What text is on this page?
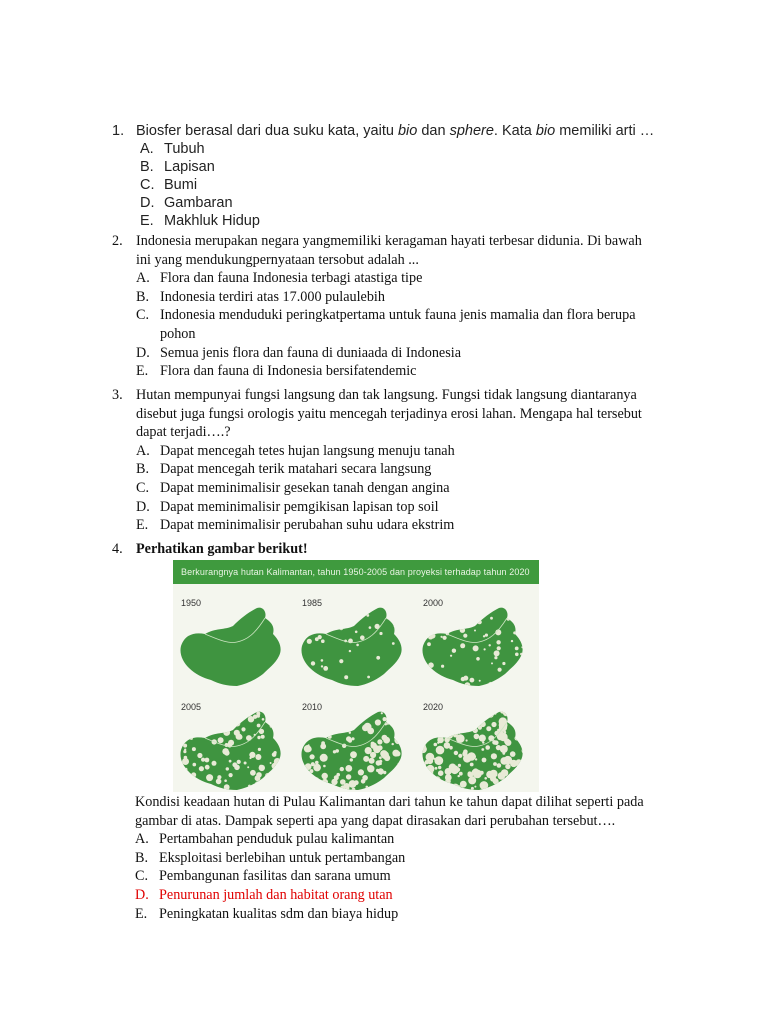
1. Biosfer berasal dari dua suku kata, yaitu bio dan sphere. Kata bio memiliki arti …
A. Tubuh
B. Lapisan
C. Bumi
D. Gambaran
E. Makhluk Hidup
2. Indonesia merupakan negara yangmemiliki keragaman hayati terbesar didunia. Di bawah
ini yang mendukungpernyataan tersobut adalah ...
A. Flora dan fauna Indonesia terbagi atastiga tipe
B. Indonesia terdiri atas 17.000 pulaulebih
C. Indonesia menduduki peringkatpertama untuk fauna jenis mamalia dan flora berupa
pohon
D. Semua jenis flora dan fauna di duniaada di Indonesia
E. Flora dan fauna di Indonesia bersifatendemic
3. Hutan mempunyai fungsi langsung dan tak langsung. Fungsi tidak langsung diantaranya
disebut juga fungsi orologis yaitu mencegah terjadinya erosi lahan. Mengapa hal tersebut
dapat terjadi….?
A. Dapat mencegah tetes hujan langsung menuju tanah
B. Dapat mencegah terik matahari secara langsung
C. Dapat meminimalisir gesekan tanah dengan angina
D. Dapat meminimalisir pemgikisan lapisan top soil
E. Dapat meminimalisir perubahan suhu udara ekstrim
4. Perhatikan gambar berikut!
Berkurangnya hutan Kalimantan, tahun 1950-2005 dan proyeksi terhadap tahun 2020
1950	1985	2000
2005	2010	2020
Kondisi keadaan hutan di Pulau Kalimantan dari tahun ke tahun dapat dilihat seperti pada
gambar di atas. Dampak seperti apa yang dapat dirasakan dari perubahan tersebut….
A. Pertambahan penduduk pulau kalimantan
B. Eksploitasi berlebihan untuk pertambangan
C. Pembangunan fasilitas dan sarana umum
D. Penurunan jumlah dan habitat orang utan
E. Peningkatan kualitas sdm dan biaya hidup
